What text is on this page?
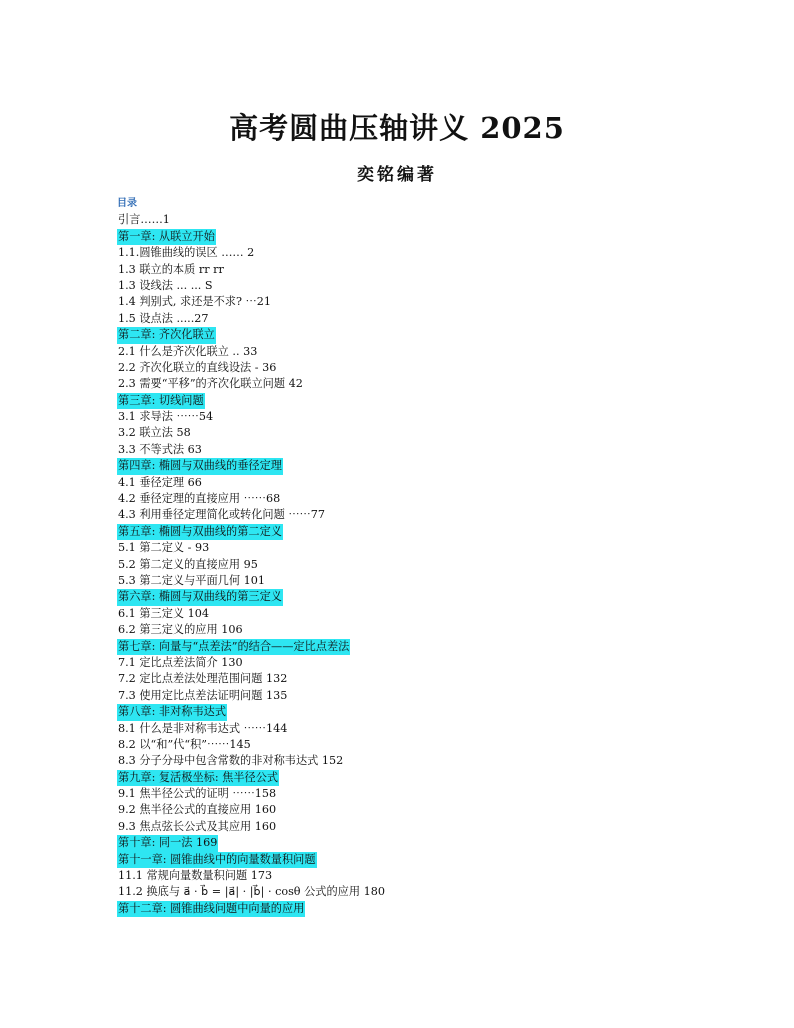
高考圆曲压轴讲义 2025
奕铭编著
目录
引言……1
第一章: 从联立开始
1.1.圆锥曲线的误区 …… 2
1.3 联立的本质 rr rr
1.3 设线法 ... ... S
1.4 判别式, 求还是不求? ⋯21
1.5 设点法 .....27
第二章: 齐次化联立
2.1 什么是齐次化联立 .. 33
2.2 齐次化联立的直线设法 - 36
2.3 需要“平移”的齐次化联立问题 42
第三章: 切线问题
3.1 求导法 ⋯⋯54
3.2 联立法 58
3.3 不等式法 63
第四章: 椭圆与双曲线的垂径定理
4.1 垂径定理 66
4.2 垂径定理的直接应用 ⋯⋯68
4.3 利用垂径定理简化或转化问题 ⋯⋯77
第五章: 椭圆与双曲线的第二定义
5.1 第二定义 - 93
5.2 第二定义的直接应用 95
5.3 第二定义与平面几何 101
第六章: 椭圆与双曲线的第三定义
6.1 第三定义 104
6.2 第三定义的应用 106
第七章: 向量与“点差法”的结合——定比点差法
7.1 定比点差法简介 130
7.2 定比点差法处理范围问题 132
7.3 使用定比点差法证明问题 135
第八章: 非对称韦达式
8.1 什么是非对称韦达式 ⋯⋯144
8.2 以“和”代“积”⋯⋯145
8.3 分子分母中包含常数的非对称韦达式 152
第九章: 复活极坐标: 焦半径公式
9.1 焦半径公式的证明 ⋯⋯158
9.2 焦半径公式的直接应用 160
9.3 焦点弦长公式及其应用 160
第十章: 同一法 169
第十一章: 圆锥曲线中的向量数量积问题
11.1 常规向量数量积问题 173
11.2 换底与 a⃗ · b⃗ = |a⃗| · |b⃗| · cosθ 公式的应用 180
第十二章: 圆锥曲线问题中向量的应用
